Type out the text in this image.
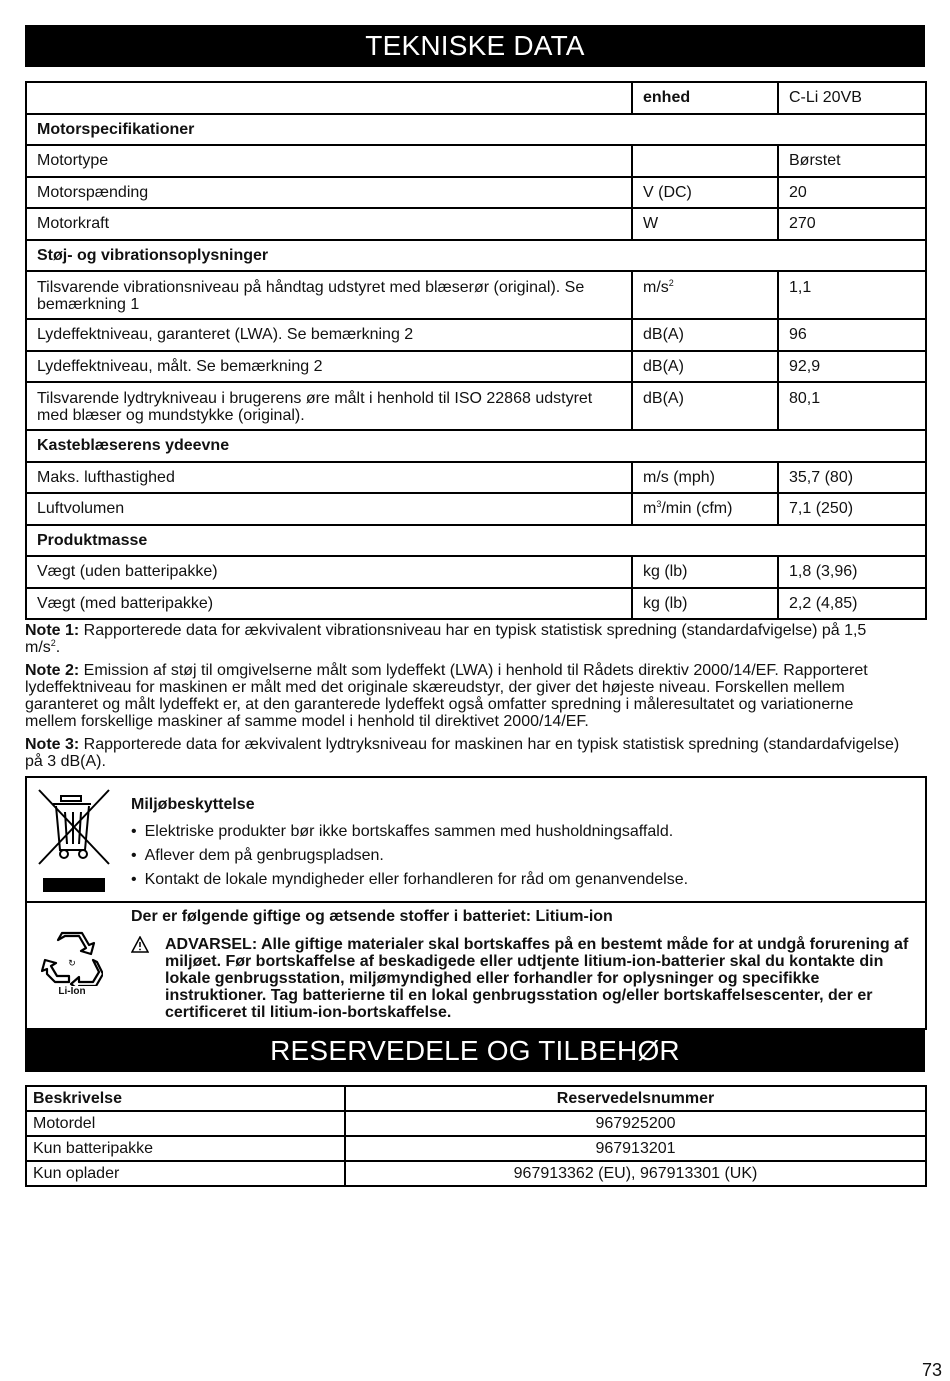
TEKNISKE DATA
	enhed	C-Li 20VB
Motorspecifikationer		
Motortype		Børstet
Motorspænding	V (DC)	20
Motorkraft	W	270
Støj- og vibrationsoplysninger		
Tilsvarende vibrationsniveau på håndtag udstyret med blæserør (original). Se bemærkning 1	$m/s^2$	1,1
Lydeffektniveau, garanteret (LWA). Se bemærkning 2	dB(A)	96
Lydeffektniveau, målt. Se bemærkning 2	dB(A)	92,9
Tilsvarende lydtrykniveau i brugerens øre målt i henhold til ISO 22868 udstyret med blæser og mundstykke (original).	dB(A)	80,1
Kasteblæserens ydeevne		
Maks. lufthastighed	m/s (mph)	35,7 (80)
Luftvolumen	$m^3/\min$ (cfm)	7,1 (250)
Produktmasse		
Vægt (uden batteripakke)	kg (lb)	1,8 (3,96)
Vægt (med batteripakke)	kg (lb)	2,2 (4,85)

Note 1: Rapporterede data for ækvivalent vibrationsniveau har en typisk statistisk spredning (standardafvigelse) på 1,5 $m/s^2$.

Note 2: Emission af støj til omgivelserne målt som lydeffekt (LWA) i henhold til Rådets direktiv 2000/14/EF. Rapporteret lydeffektniveau for maskinen er målt med det originale skæreudstyr, der giver det højeste niveau. Forskellen mellem garanteret og målt lydeffekt er, at den garanterede lydeffekt også omfatter spredning i måleresultatet og variationerne mellem forskellige maskiner af samme model i henhold til direktivet 2000/14/EF.

Note 3: Rapporterede data for ækvivalent lydtryksniveau for maskinen har en typisk statistisk spredning (standardafvigelse) på 3 dB(A).

Miljøbeskyttelse
• Elektriske produkter bør ikke bortskaffes sammen med husholdningsaffald.
• Aflever dem på genbrugspladsen.
• Kontakt de lokale myndigheder eller forhandleren for råd om genanvendelse.
↻
Li-Ion
Der er følgende giftige og ætsende stoffer i batteriet: Litium-ion
ADVARSEL: Alle giftige materialer skal bortskaffes på en bestemt måde for at undgå forurening af miljøet. Før bortskaffelse af beskadigede eller udtjente litium-ion-batterier skal du kontakte din lokale genbrugsstation, miljømyndighed eller forhandler for oplysninger og specifikke instruktioner. Tag batterierne til en lokal genbrugsstation og/eller bortskaffelsescenter, der er certificeret til litium-ion-bortskaffelse.
RESERVEDELE OG TILBEHØR
Beskrivelse	Reservedelsnummer
Motordel	967925200
Kun batteripakke	967913201
Kun oplader	967913362 (EU), 967913301 (UK)
73
